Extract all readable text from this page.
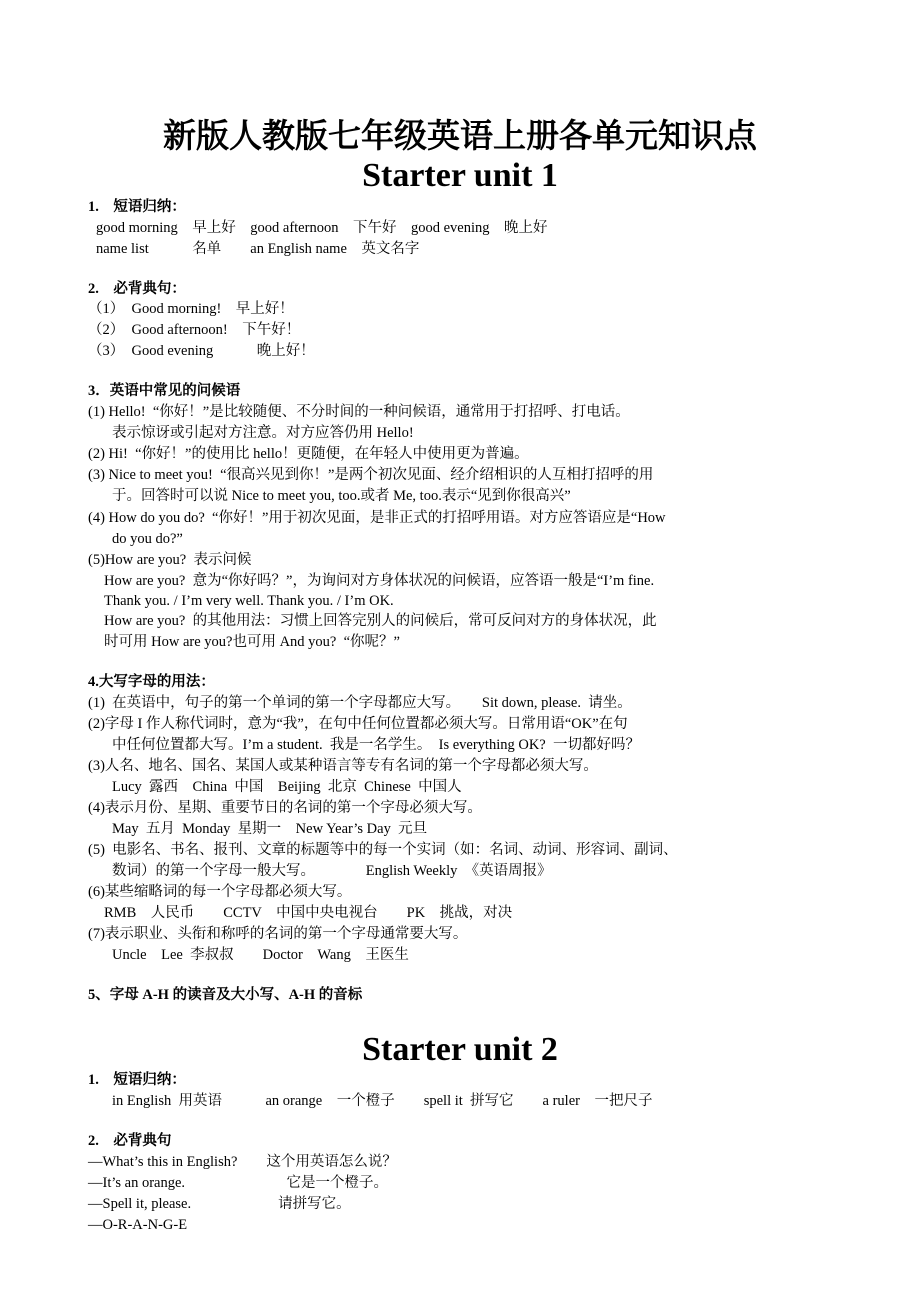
新版人教版七年级英语上册各单元知识点
Starter unit 1
1.　短语归纳：
good morning　早上好　good afternoon　下午好　good evening　晚上好
name list　　　名单　　an English name　英文名字
2.　必背典句：
（1）　Good morning!　早上好！
（2）　Good afternoon!　下午好！
（3）　Good evening　　　晚上好！
3．英语中常见的问候语
(1) Hello!  “你好！”是比较随便、不分时间的一种问候语，通常用于打招呼、打电话。
表示惊讶或引起对方注意。对方应答仍用 Hello!
(2) Hi!  “你好！”的使用比 hello！更随便，在年轻人中使用更为普遍。
(3) Nice to meet you!  “很高兴见到你！”是两个初次见面、经介绍相识的人互相打招呼的用
于。回答时可以说 Nice to meet you, too.或者 Me, too.表示“见到你很高兴”
(4) How do you do?  “你好！”用于初次见面，是非正式的打招呼用语。对方应答语应是“How
do you do?”
(5)How are you?  表示问候
How are you?  意为“你好吗？”，为询问对方身体状况的问候语，应答语一般是“I’m fine.
Thank you. / I’m very well. Thank you. / I’m OK.
How are you?  的其他用法：习惯上回答完别人的问候后，常可反问对方的身体状况，此
时可用 How are you?也可用 And you?  “你呢？”
4.大写字母的用法：
(1)  在英语中，句子的第一个单词的第一个字母都应大写。　　Sit down, please.  请坐。
(2)字母 I 作人称代词时，意为“我”，在句中任何位置都必须大写。日常用语“OK”在句
中任何位置都大写。I’m a student.  我是一名学生。  Is everything OK?  一切都好吗？
(3)人名、地名、国名、某国人或某种语言等专有名词的第一个字母都必须大写。
Lucy  露西　China  中国　Beijing  北京  Chinese  中国人
(4)表示月份、星期、重要节日的名词的第一个字母必须大写。
May  五月  Monday  星期一　New Year’s Day  元旦
(5)  电影名、书名、报刊、文章的标题等中的每一个实词（如：名词、动词、形容词、副词、
数词）的第一个字母一般大写。　　　　English Weekly　《英语周报》
(6)某些缩略词的每一个字母都必须大写。
RMB　人民币　　CCTV　中国中央电视台　　PK　挑战，对决
(7)表示职业、头衔和称呼的名词的第一个字母通常要大写。
Uncle　Lee  李叔叔　　Doctor　Wang　王医生
5、字母 A-H 的读音及大小写、A-H 的音标
Starter unit 2
1.　短语归纳：
in English  用英语　　　an orange　一个橙子　　spell it  拼写它　　a ruler　一把尺子
2.　必背典句
—What’s this in English?　　这个用英语怎么说？
—It’s an orange.　　　　　　　它是一个橙子。
—Spell it, please.　　　　　　请拼写它。
—O-R-A-N-G-E
